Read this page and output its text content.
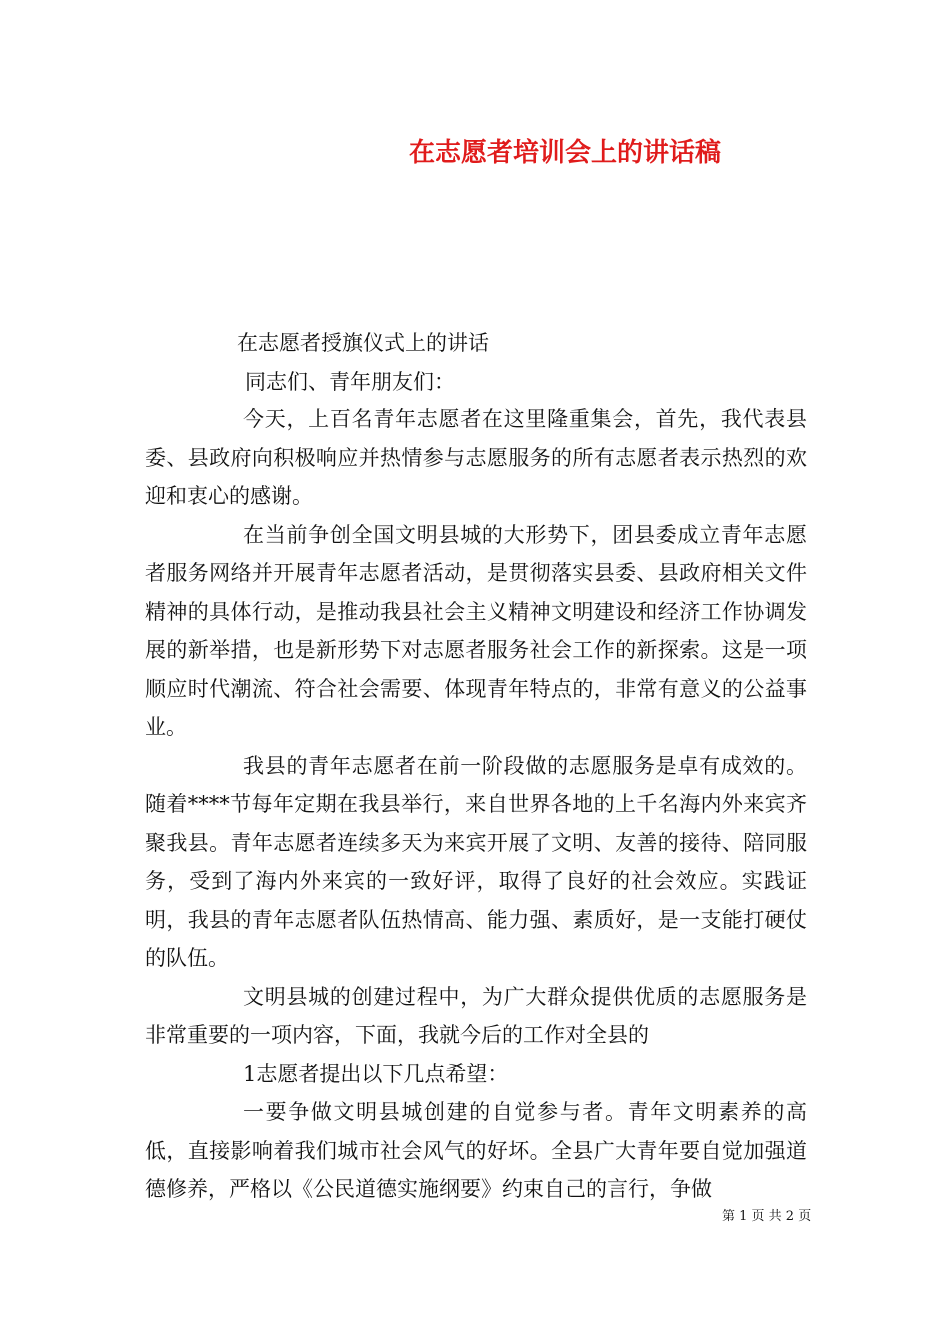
在志愿者培训会上的讲话稿
在志愿者授旗仪式上的讲话
同志们、青年朋友们：

今天，上百名青年志愿者在这里隆重集会，首先，我代表县委、县政府向积极响应并热情参与志愿服务的所有志愿者表示热烈的欢迎和衷心的感谢。

在当前争创全国文明县城的大形势下，团县委成立青年志愿者服务网络并开展青年志愿者活动，是贯彻落实县委、县政府相关文件精神的具体行动，是推动我县社会主义精神文明建设和经济工作协调发展的新举措，也是新形势下对志愿者服务社会工作的新探索。这是一项顺应时代潮流、符合社会需要、体现青年特点的，非常有意义的公益事业。

我县的青年志愿者在前一阶段做的志愿服务是卓有成效的。随着****节每年定期在我县举行，来自世界各地的上千名海内外来宾齐聚我县。青年志愿者连续多天为来宾开展了文明、友善的接待、陪同服务，受到了海内外来宾的一致好评，取得了良好的社会效应。实践证明，我县的青年志愿者队伍热情高、能力强、素质好，是一支能打硬仗的队伍。

文明县城的创建过程中，为广大群众提供优质的志愿服务是非常重要的一项内容，下面，我就今后的工作对全县的

1志愿者提出以下几点希望：

一要争做文明县城创建的自觉参与者。青年文明素养的高低，直接影响着我们城市社会风气的好坏。全县广大青年要自觉加强道德修养，严格以《公民道德实施纲要》约束自己的言行，争做

第 1 页 共 2 页
